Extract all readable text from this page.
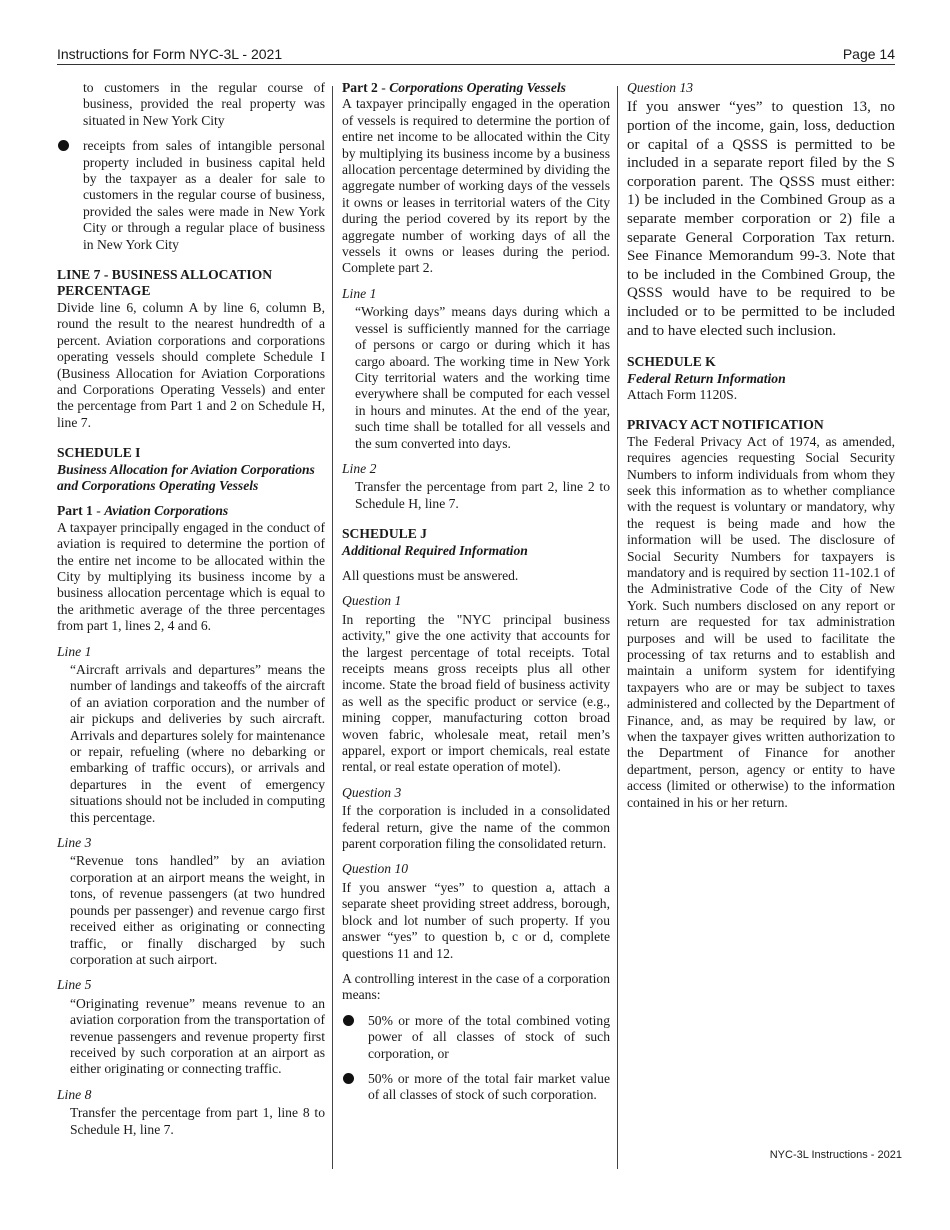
Instructions for Form NYC-3L - 2021	Page 14
to customers in the regular course of business, provided the real property was situated in New York City
receipts from sales of intangible personal property included in business capital held by the taxpayer as a dealer for sale to customers in the regular course of business, provided the sales were made in New York City or through a regular place of business in New York City
LINE 7 - BUSINESS ALLOCATION PERCENTAGE
Divide line 6, column A by line 6, column B, round the result to the nearest hundredth of a percent. Aviation corporations and corporations operating vessels should complete Schedule I (Business Allocation for Aviation Corporations and Corporations Operating Vessels) and enter the percentage from Part 1 and 2 on Schedule H, line 7.
SCHEDULE I
Business Allocation for Aviation Corporations and Corporations Operating Vessels
Part 1 - Aviation Corporations
A taxpayer principally engaged in the conduct of aviation is required to determine the portion of the entire net income to be allocated within the City by multiplying its business income by a business allocation percentage which is equal to the arithmetic average of the three percentages from part 1, lines 2, 4 and 6.
Line 1
“Aircraft arrivals and departures” means the number of landings and takeoffs of the aircraft of an aviation corporation and the number of air pickups and deliveries by such aircraft. Arrivals and departures solely for maintenance or repair, refueling (where no debarking or embarking of traffic occurs), or arrivals and departures in the event of emergency situations should not be included in computing this percentage.
Line 3
“Revenue tons handled” by an aviation corporation at an airport means the weight, in tons, of revenue passengers (at two hundred pounds per passenger) and revenue cargo first received either as originating or connecting traffic, or finally discharged by such corporation at such airport.
Line 5
“Originating revenue” means revenue to an aviation corporation from the transportation of revenue passengers and revenue property first received by such corporation at an airport as either originating or connecting traffic.
Line 8
Transfer the percentage from part 1, line 8 to Schedule H, line 7.
Part 2 - Corporations Operating Vessels
A taxpayer principally engaged in the operation of vessels is required to determine the portion of entire net income to be allocated within the City by multiplying its business income by a business allocation percentage determined by dividing the aggregate number of working days of the vessels it owns or leases in territorial waters of the City during the period covered by its report by the aggregate number of working days of all the vessels it owns or leases during the period. Complete part 2.
Line 1
“Working days” means days during which a vessel is sufficiently manned for the carriage of persons or cargo or during which it has cargo aboard. The working time in New York City territorial waters and the working time everywhere shall be computed for each vessel in hours and minutes. At the end of the year, such time shall be totalled for all vessels and the sum converted into days.
Line 2
Transfer the percentage from part 2, line 2 to Schedule H, line 7.
SCHEDULE J
Additional Required Information
All questions must be answered.
Question 1
In reporting the "NYC principal business activity," give the one activity that accounts for the largest percentage of total receipts. Total receipts means gross receipts plus all other income. State the broad field of business activity as well as the specific product or service (e.g., mining copper, manufacturing cotton broad woven fabric, wholesale meat, retail men’s apparel, export or import chemicals, real estate rental, or real estate operation of motel).
Question 3
If the corporation is included in a consolidated federal return, give the name of the common parent corporation filing the consolidated return.
Question 10
If you answer “yes” to question a, attach a separate sheet providing street address, borough, block and lot number of such property. If you answer “yes” to question b, c or d, complete questions 11 and 12.
A controlling interest in the case of a corporation means:
50% or more of the total combined voting power of all classes of stock of such corporation, or
50% or more of the total fair market value of all classes of stock of such corporation.
Question 13
If you answer “yes” to question 13, no portion of the income, gain, loss, deduction or capital of a QSSS is permitted to be included in a separate report filed by the S corporation parent. The QSSS must either: 1) be included in the Combined Group as a separate member corporation or 2) file a separate General Corporation Tax return. See Finance Memorandum 99-3. Note that to be included in the Combined Group, the QSSS would have to be required to be included or to be permitted to be included and to have elected such inclusion.
SCHEDULE K
Federal Return Information
Attach Form 1120S.
PRIVACY ACT NOTIFICATION
The Federal Privacy Act of 1974, as amended, requires agencies requesting Social Security Numbers to inform individuals from whom they seek this information as to whether compliance with the request is voluntary or mandatory, why the request is being made and how the information will be used. The disclosure of Social Security Numbers for taxpayers is mandatory and is required by section 11-102.1 of the Administrative Code of the City of New York. Such numbers disclosed on any report or return are requested for tax administration purposes and will be used to facilitate the processing of tax returns and to establish and maintain a uniform system for identifying taxpayers who are or may be subject to taxes administered and collected by the Department of Finance, and, as may be required by law, or when the taxpayer gives written authorization to the Department of Finance for another department, person, agency or entity to have access (limited or otherwise) to the information contained in his or her return.
NYC-3L Instructions - 2021
